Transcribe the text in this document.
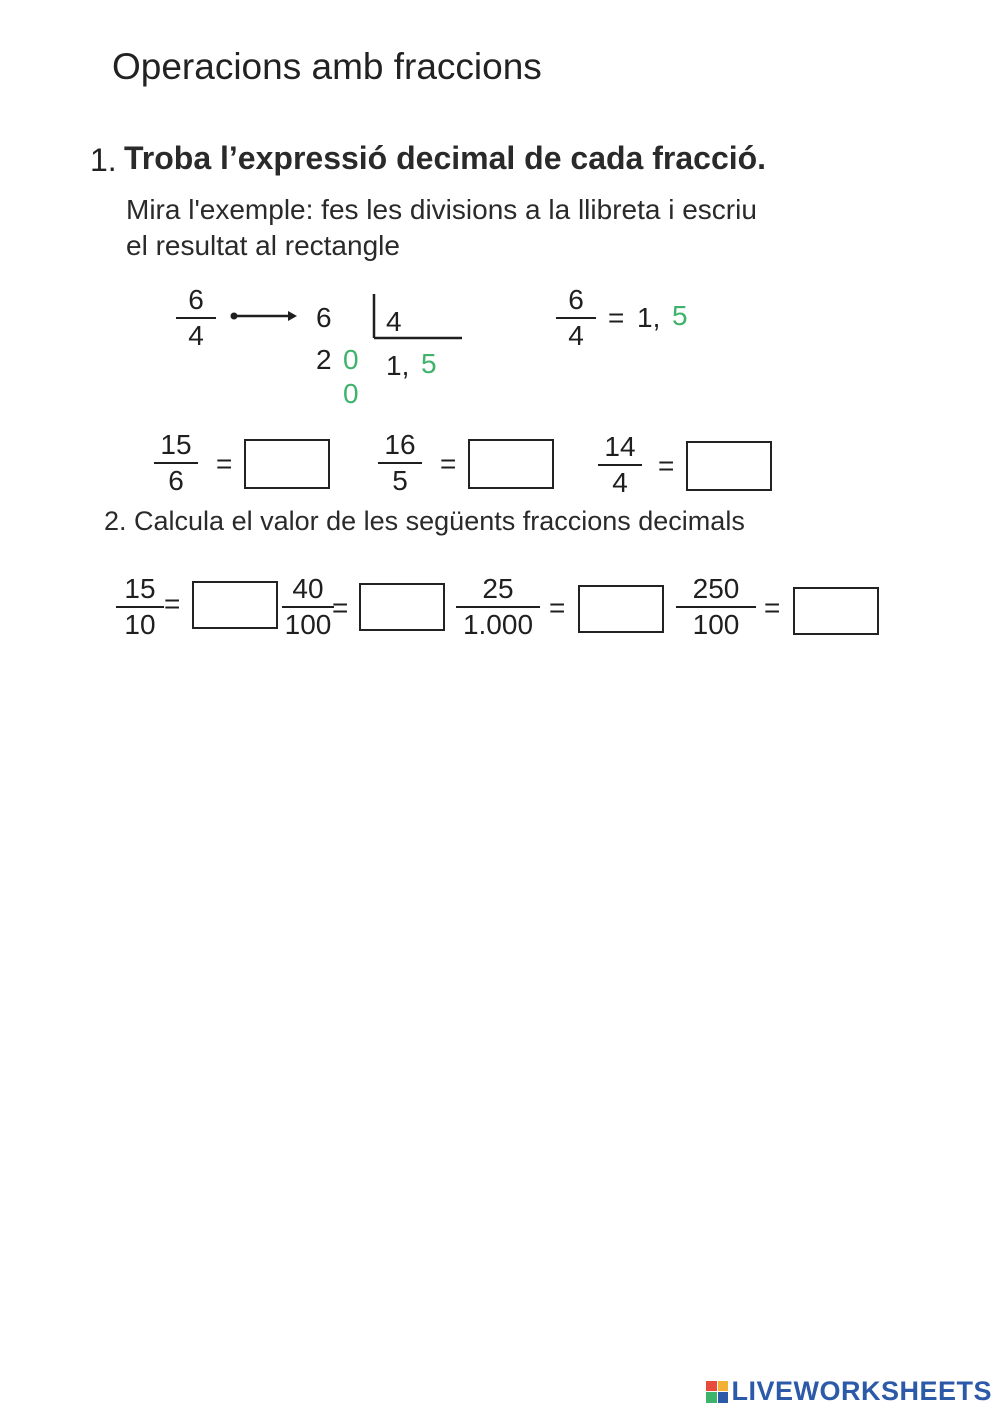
Operacions amb fraccions
1. Troba l’expressió decimal de cada fracció.
Mira l'exemple: fes les divisions a la llibreta i escriu
el resultat al rectangle
6
4
6 4
2 0
0
1, 5
6
4
= 1, 5
15
6
=
16
5
=
14
4
=
2. Calcula el valor de les següents fraccions decimals
15
10
=	40
100
=
25
1.000
=
250
100
=
LIVEWORKSHEETS
